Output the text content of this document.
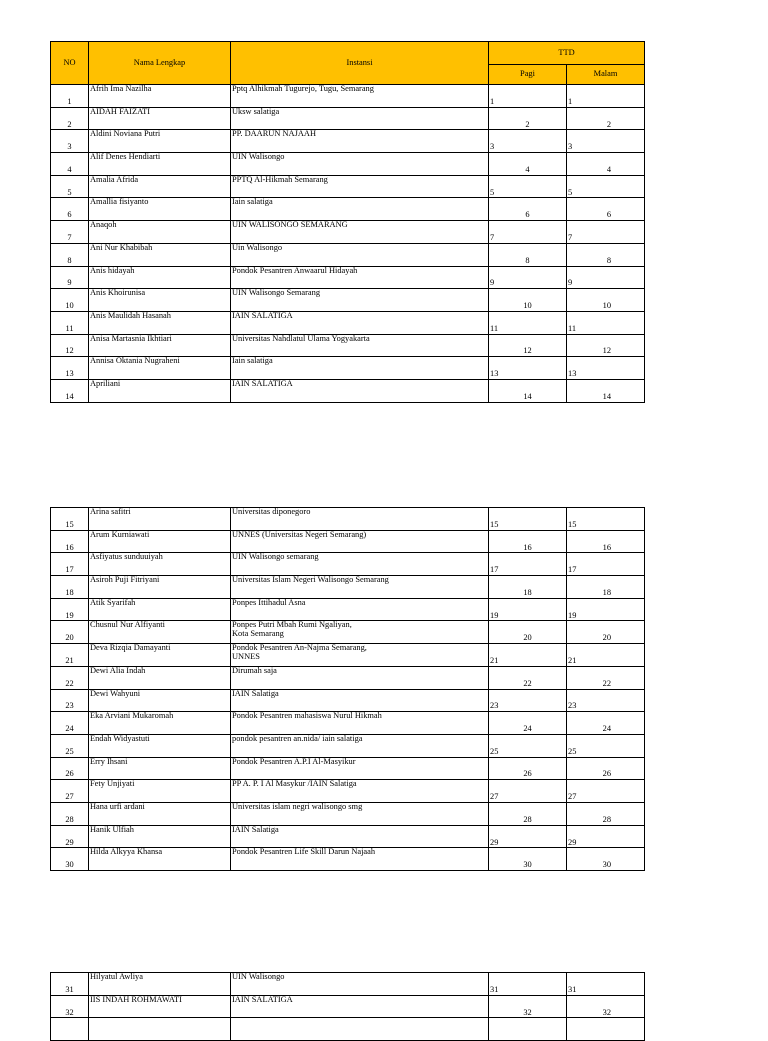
NO	Nama Lengkap	Instansi	TTD	
			Pagi	Malam
1	Afrih Ima Nazilha	Pptq Alhikmah Tugurejo, Tugu, Semarang	1	1
2	AIDAH FAIZATI	Uksw salatiga	2	2
3	Aldini Noviana Putri	PP. DAARUN NAJAAH	3	3
4	Alif Denes Hendiarti	UIN Walisongo	4	4
5	Amalia Afrida	PPTQ Al-Hikmah Semarang	5	5
6	Amallia fisiyanto	Iain salatiga	6	6
7	Anaqoh	UIN WALISONGO SEMARANG	7	7
8	Ani Nur Khabibah	Uin Walisongo	8	8
9	Anis hidayah	Pondok Pesantren Anwaarul Hidayah	9	9
10	Anis Khoirunisa	UIN Walisongo Semarang	10	10
11	Anis Maulidah Hasanah	IAIN SALATIGA	11	11
12	Anisa Martasnia Ikhtiari	Universitas Nahdlatul Ulama Yogyakarta	12	12
13	Annisa Oktania Nugraheni	Iain salatiga	13	13
14	Apriliani	IAIN SALATIGA	14	14
15	Arina safitri	Universitas diponegoro	15	15
16	Arum Kurniawati	UNNES (Universitas Negeri Semarang)	16	16
17	Asfiyatus sunduuiyah	UIN Walisongo semarang	17	17
18	Asiroh Puji Fitriyani	Universitas Islam Negeri Walisongo Semarang	18	18
19	Atik Syarifah	Ponpes Ittihadul Asna	19	19
20	Chusnul Nur Alfiyanti	Ponpes Putri Mbah Rumi Ngaliyan,
Kota Semarang	20	20
21	Deva Rizqia Damayanti	Pondok Pesantren An-Najma Semarang,
UNNES	21	21
22	Dewi Alia Indah	Dirumah saja	22	22
23	Dewi Wahyuni	IAIN Salatiga	23	23
24	Eka Arviani Mukaromah	Pondok Pesantren mahasiswa Nurul Hikmah	24	24
25	Endah Widyastuti	pondok pesantren an.nida/ iain salatiga	25	25
26	Erry Ihsani	Pondok Pesantren A.P.I Al-Masyikur	26	26
27	Fety Unjiyati	PP A. P. I Al Masykur /IAIN Salatiga	27	27
28	Hana urfi ardani	Universitas islam negri walisongo smg	28	28
29	Hanik Ulfiah	IAIN Salatiga	29	29
30	Hilda Alkyya Khansa	Pondok Pesantren Life Skill Darun Najaah	30	30
31	Hilyatul Awliya	UIN Walisongo	31	31
32	IIS INDAH ROHMAWATI	IAIN SALATIGA	32	32
